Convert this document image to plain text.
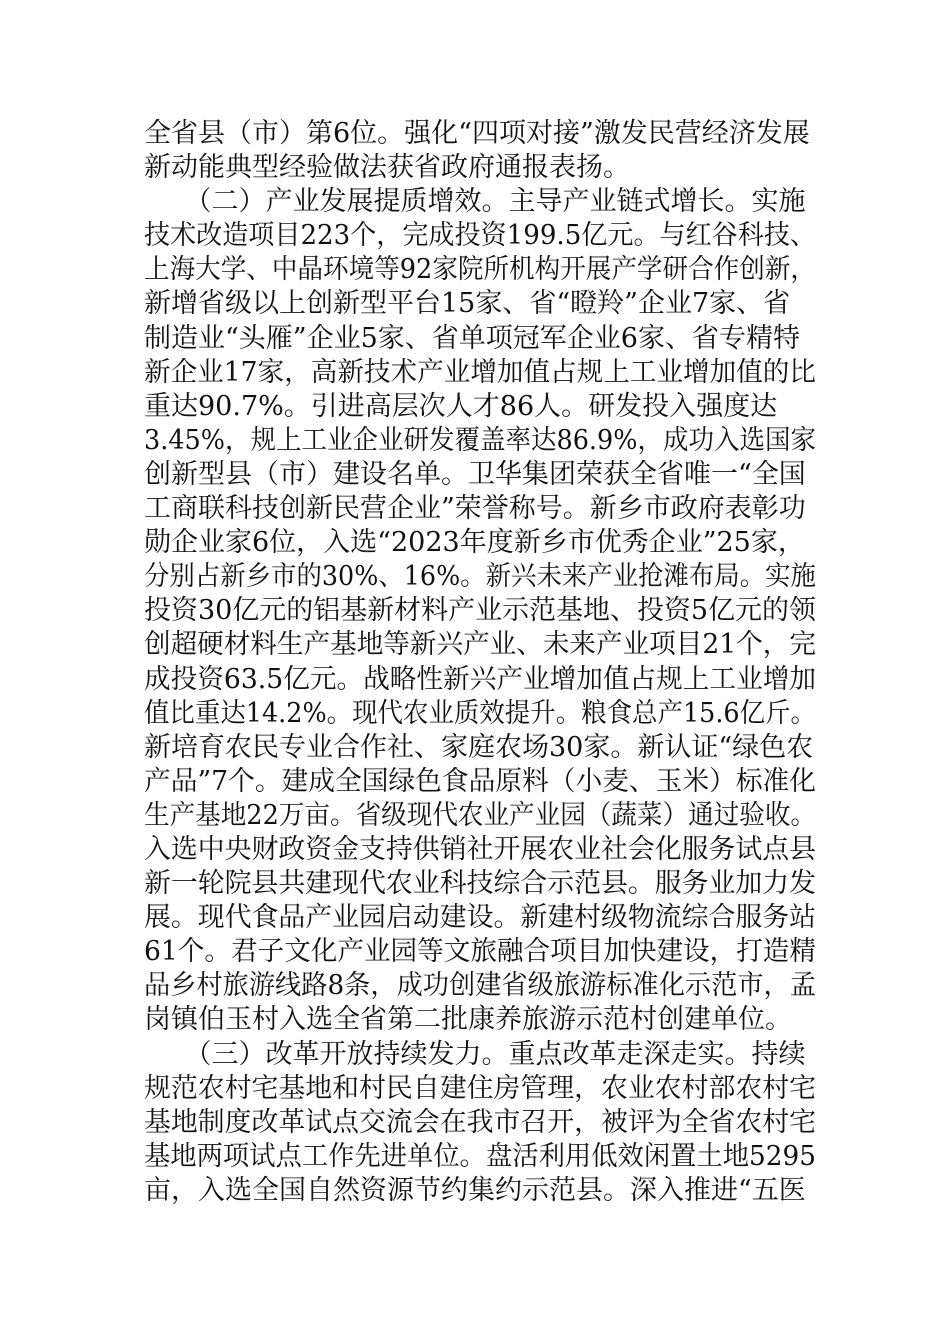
全省县（市）第6位。强化“四项对接”激发民营经济发展
新动能典型经验做法获省政府通报表扬。
　　（二）产业发展提质增效。主导产业链式增长。实施
技术改造项目223个，完成投资199.5亿元。与红谷科技、
上海大学、中晶环境等92家院所机构开展产学研合作创新，
新增省级以上创新型平台15家、省“瞪羚”企业7家、省
制造业“头雁”企业5家、省单项冠军企业6家、省专精特
新企业17家，高新技术产业增加值占规上工业增加值的比
重达90.7%。引进高层次人才86人。研发投入强度达
3.45%，规上工业企业研发覆盖率达86.9%，成功入选国家
创新型县（市）建设名单。卫华集团荣获全省唯一“全国
工商联科技创新民营企业”荣誉称号。新乡市政府表彰功
勋企业家6位，入选“2023年度新乡市优秀企业”25家，
分别占新乡市的30%、16%。新兴未来产业抢滩布局。实施
投资30亿元的铝基新材料产业示范基地、投资5亿元的领
创超硬材料生产基地等新兴产业、未来产业项目21个，完
成投资63.5亿元。战略性新兴产业增加值占规上工业增加
值比重达14.2%。现代农业质效提升。粮食总产15.6亿斤。
新培育农民专业合作社、家庭农场30家。新认证“绿色农
产品”7个。建成全国绿色食品原料（小麦、玉米）标准化
生产基地22万亩。省级现代农业产业园（蔬菜）通过验收。
入选中央财政资金支持供销社开展农业社会化服务试点县
新一轮院县共建现代农业科技综合示范县。服务业加力发
展。现代食品产业园启动建设。新建村级物流综合服务站
61个。君子文化产业园等文旅融合项目加快建设，打造精
品乡村旅游线路8条，成功创建省级旅游标准化示范市，孟
岗镇伯玉村入选全省第二批康养旅游示范村创建单位。
　　（三）改革开放持续发力。重点改革走深走实。持续
规范农村宅基地和村民自建住房管理，农业农村部农村宅
基地制度改革试点交流会在我市召开，被评为全省农村宅
基地两项试点工作先进单位。盘活利用低效闲置土地5295
亩，入选全国自然资源节约集约示范县。深入推进“五医
